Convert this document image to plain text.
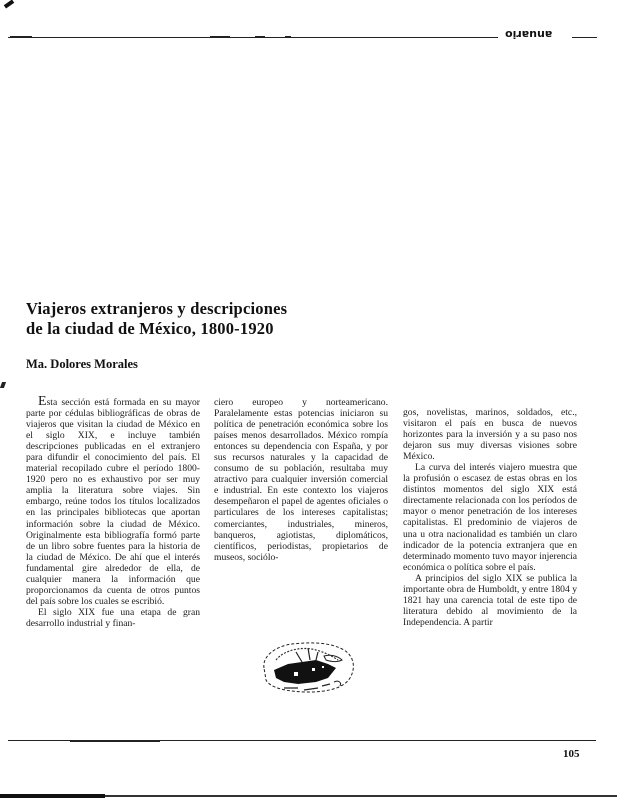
anuario
Viajeros extranjeros y descripciones
de la ciudad de México, 1800-1920
Ma. Dolores Morales

Esta sección está formada en su mayor parte por cédulas bibliográficas de obras de viajeros que visitan la ciudad de México en el siglo XIX, e incluye también descripciones publicadas en el extranjero para difundir el conocimiento del país. El material recopilado cubre el período 1800-1920 pero no es exhaustivo por ser muy amplia la literatura sobre viajes. Sin embargo, reúne todos los títulos localizados en las principales bibliotecas que aportan información sobre la ciudad de México. Originalmente esta bibliografía formó parte de un libro sobre fuentes para la historia de la ciudad de México. De ahí que el interés fundamental gire alrededor de ella, de cualquier manera la información que proporcionamos da cuenta de otros puntos del país sobre los cuales se escribió.

El siglo XIX fue una etapa de gran desarrollo industrial y finan-

ciero europeo y norteamericano. Paralelamente estas potencias iniciaron su política de penetración económica sobre los países menos desarrollados. México rompía entonces su dependencia con España, y por sus recursos naturales y la capacidad de consumo de su población, resultaba muy atractivo para cualquier inversión comercial e industrial. En este contexto los viajeros desempeñaron el papel de agentes oficiales o particulares de los intereses capitalistas; comerciantes, industriales, mineros, banqueros, agiotistas, diplomáticos, científicos, periodistas, propietarios de museos, sociólo-

gos, novelistas, marinos, soldados, etc., visitaron el país en busca de nuevos horizontes para la inversión y a su paso nos dejaron sus muy diversas visiones sobre México.

La curva del interés viajero muestra que la profusión o escasez de estas obras en los distintos momentos del siglo XIX está directamente relacionada con los períodos de mayor o menor penetración de los intereses capitalistas. El predominio de viajeros de una u otra nacionalidad es también un claro indicador de la potencia extranjera que en determinado momento tuvo mayor injerencia económica o política sobre el país.

A principios del siglo XIX se publica la importante obra de Humboldt, y entre 1804 y 1821 hay una carencia total de este tipo de literatura debido al movimiento de la Independencia. A partir

105
